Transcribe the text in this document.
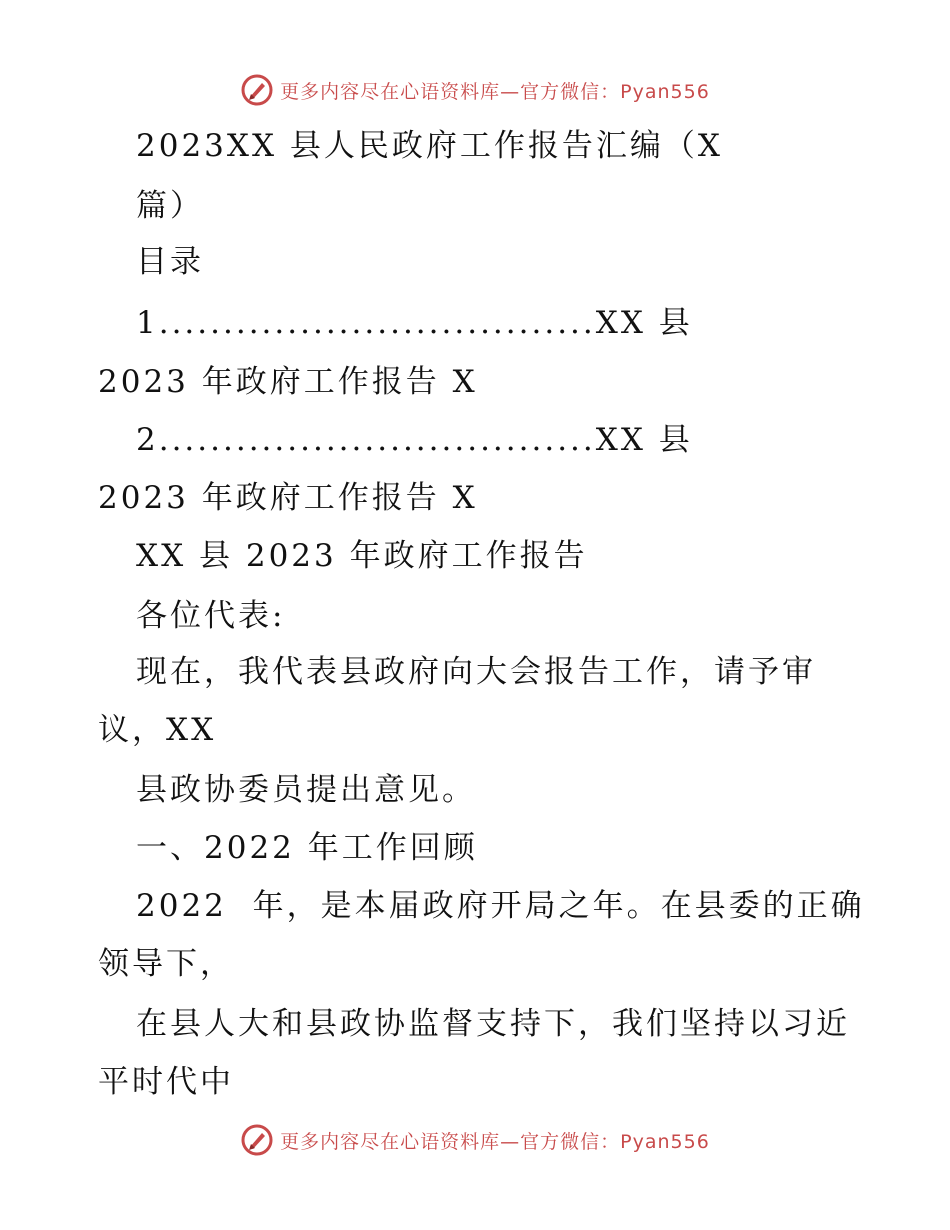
更多内容尽在心语资料库—官方微信：Pyan556
2023XX 县人民政府工作报告汇编（X
篇）
目录
1..................................XX 县
2023 年政府工作报告 X
2..................................XX 县
2023 年政府工作报告 X
XX 县 2023 年政府工作报告
各位代表:
现在，我代表县政府向大会报告工作，请予审
议，XX
县政协委员提出意见。
一、2022 年工作回顾
2022  年，是本届政府开局之年。在县委的正确
领导下，
在县人大和县政协监督支持下，我们坚持以习近
平时代中
更多内容尽在心语资料库—官方微信：Pyan556
